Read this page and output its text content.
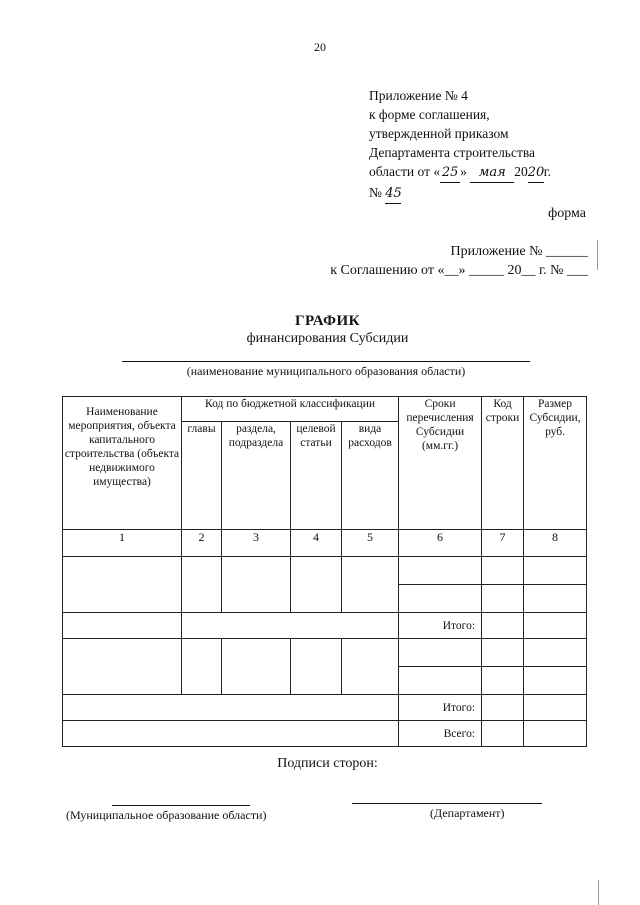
20
Приложение № 4
к форме соглашения,
утвержденной приказом
Департамента строительства
области от « 25 » мая 2020г.
№ 45
форма
Приложение № ______
к Соглашению от «__» _____ 20__ г. № ___
ГРАФИК
финансирования Субсидии
(наименование муниципального образования области)
Наименование мероприятия, объекта капитального строительства (объекта недвижимого имущества)	Код по бюджетной классификации				Сроки перечисления Субсидии (мм.гг.)	Код строки	Размер Субсидии, руб.
	главы	раздела, подраздела	целевой статьи	вида расходов			
1	2	3	4	5	6	7	8

					Итого:		

					Итого:		
					Всего:		
Подписи сторон:
(Муниципальное образование области)	(Департамент)
